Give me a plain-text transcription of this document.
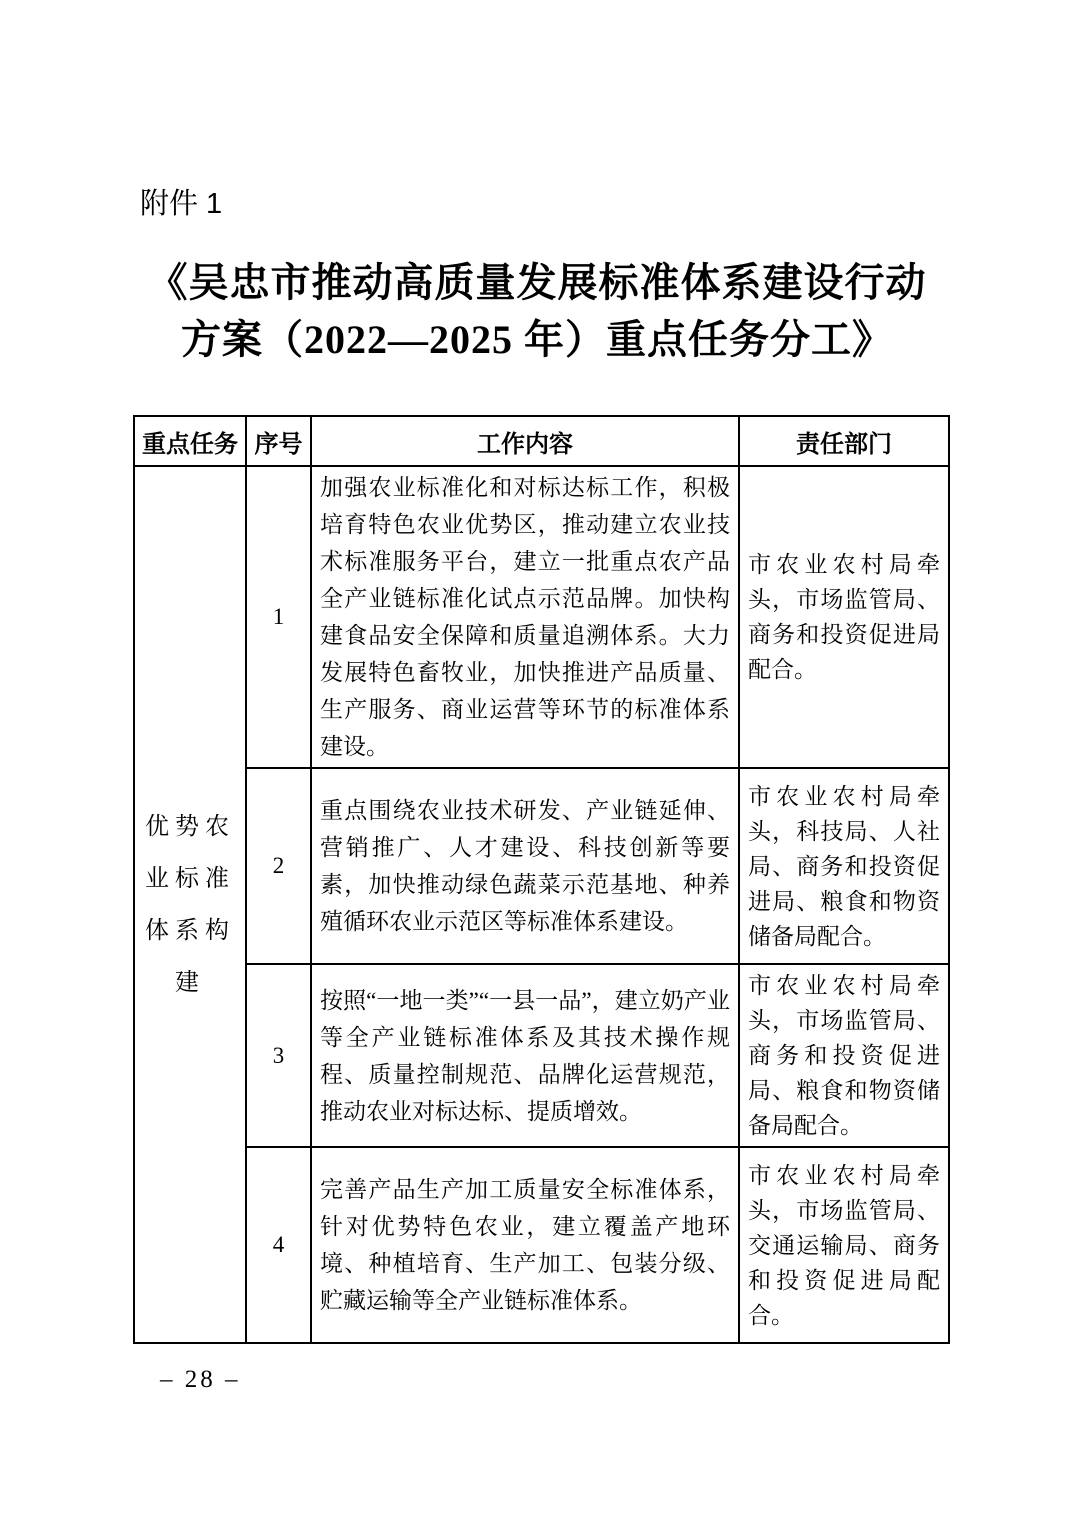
附件 1
《吴忠市推动高质量发展标准体系建设行动
方案（2022—2025 年）重点任务分工》
重点任务	序号	工作内容	责任部门
优势农业标准体系构建	1	加强农业标准化和对标达标工作，积极培育特色农业优势区，推动建立农业技术标准服务平台，建立一批重点农产品全产业链标准化试点示范品牌。加快构建食品安全保障和质量追溯体系。大力发展特色畜牧业，加快推进产品质量、生产服务、商业运营等环节的标准体系建设。	市农业农村局牵头，市场监管局、商务和投资促进局配合。
	2	重点围绕农业技术研发、产业链延伸、营销推广、人才建设、科技创新等要素，加快推动绿色蔬菜示范基地、种养殖循环农业示范区等标准体系建设。	市农业农村局牵头，科技局、人社局、商务和投资促进局、粮食和物资储备局配合。
	3	按照“一地一类”“一县一品”，建立奶产业等全产业链标准体系及其技术操作规程、质量控制规范、品牌化运营规范，推动农业对标达标、提质增效。	市农业农村局牵头，市场监管局、商务和投资促进局、粮食和物资储备局配合。
	4	完善产品生产加工质量安全标准体系，针对优势特色农业，建立覆盖产地环境、种植培育、生产加工、包装分级、贮藏运输等全产业链标准体系。	市农业农村局牵头，市场监管局、交通运输局、商务和投资促进局配合。
– 28 –
